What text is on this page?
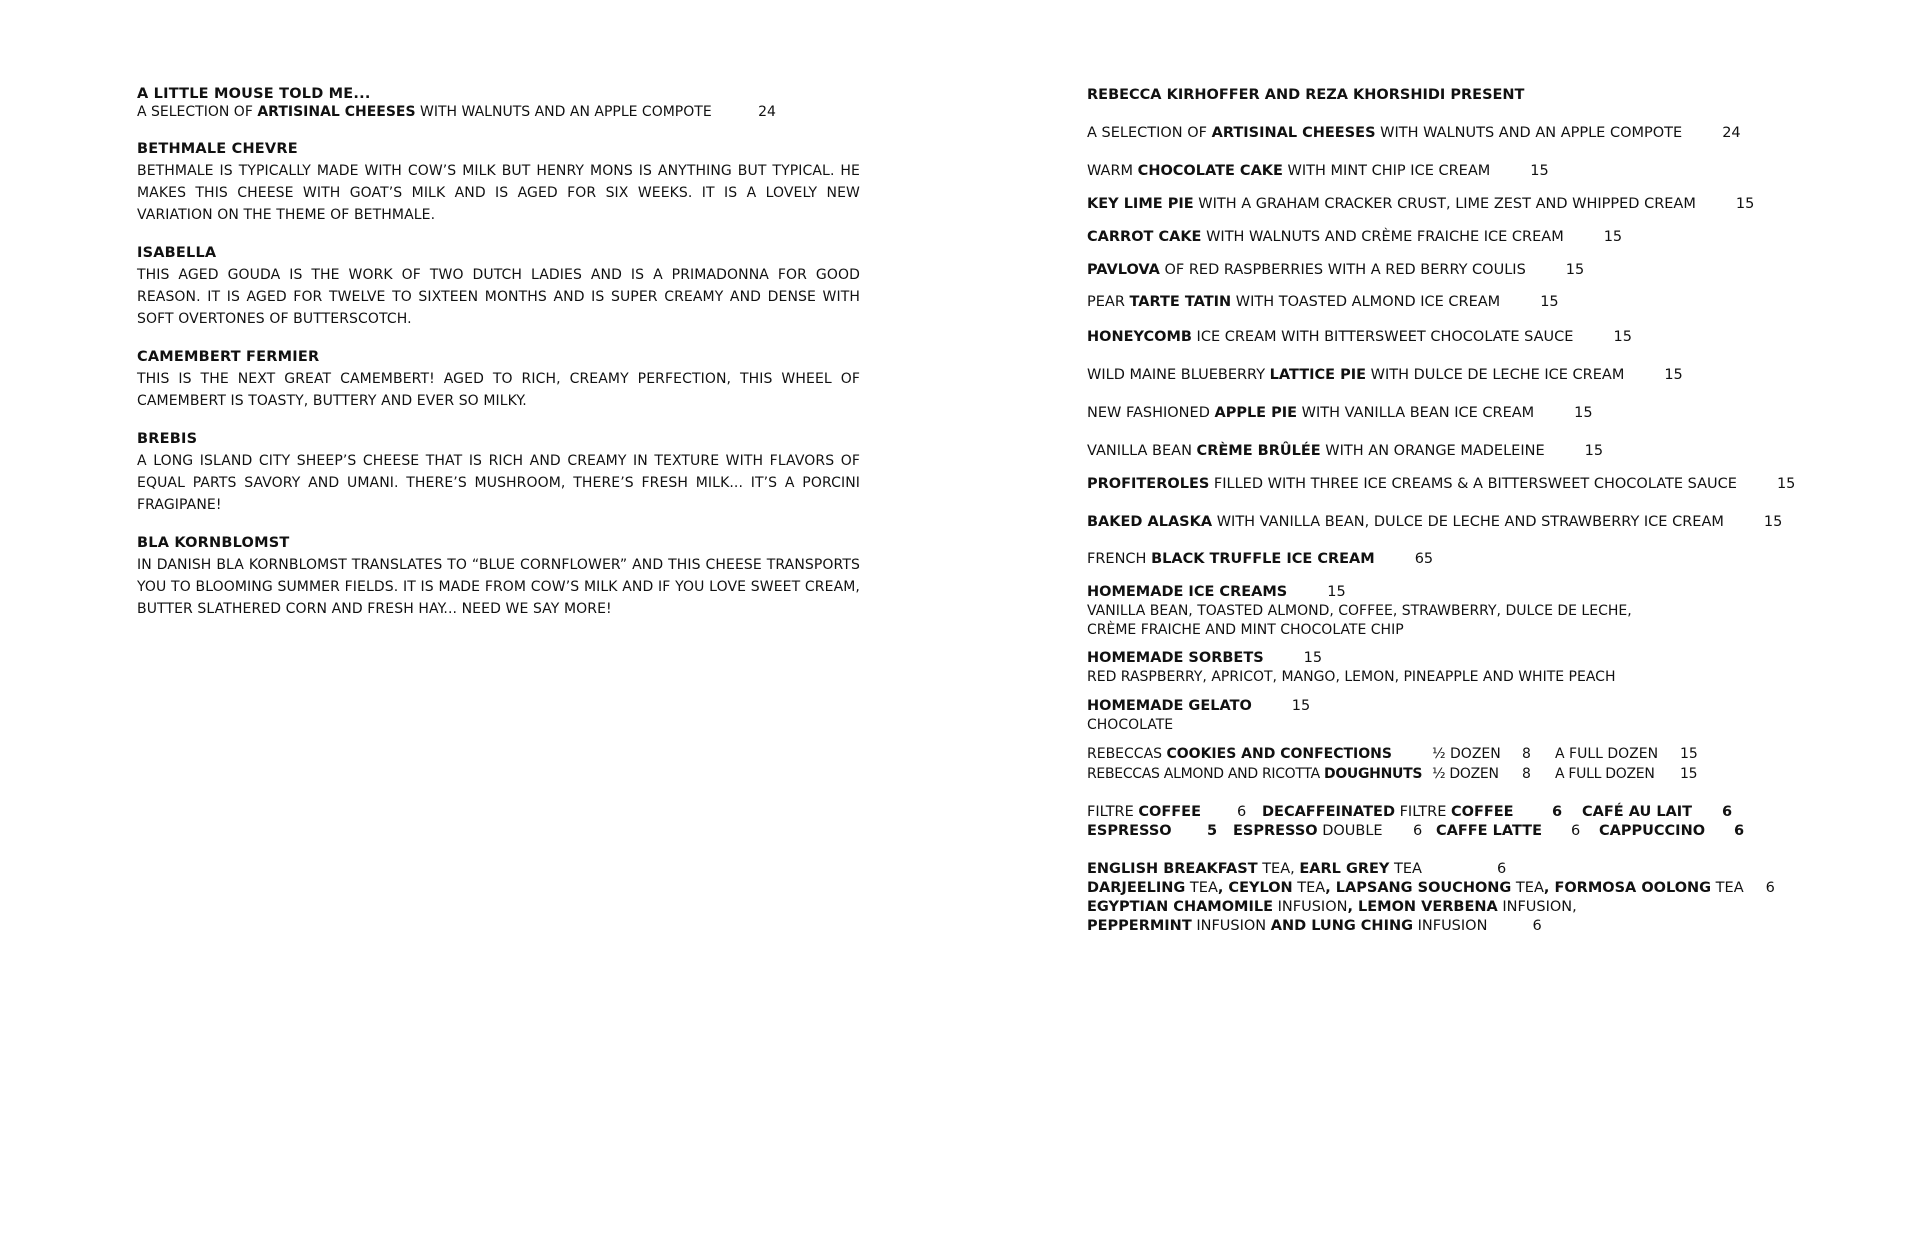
A LITTLE MOUSE TOLD ME...
A SELECTION OF ARTISINAL CHEESES WITH WALNUTS AND AN APPLE COMPOTE	24
BETHMALE CHEVRE
BETHMALE IS TYPICALLY MADE WITH COW’S MILK BUT HENRY MONS IS ANYTHING BUT TYPICAL. HE MAKES THIS CHEESE WITH GOAT’S MILK AND IS AGED FOR SIX WEEKS. IT IS A LOVELY NEW VARIATION ON THE THEME OF BETHMALE.
ISABELLA
THIS AGED GOUDA IS THE WORK OF TWO DUTCH LADIES AND IS A PRIMADONNA FOR GOOD REASON. IT IS AGED FOR TWELVE TO SIXTEEN MONTHS AND IS SUPER CREAMY AND DENSE WITH SOFT OVERTONES OF BUTTERSCOTCH.
CAMEMBERT FERMIER
THIS IS THE NEXT GREAT CAMEMBERT! AGED TO RICH, CREAMY PERFECTION, THIS WHEEL OF CAMEMBERT IS TOASTY, BUTTERY AND EVER SO MILKY.
BREBIS
A LONG ISLAND CITY SHEEP’S CHEESE THAT IS RICH AND CREAMY IN TEXTURE WITH FLAVORS OF EQUAL PARTS SAVORY AND UMANI. THERE’S MUSHROOM, THERE’S FRESH MILK... IT’S A PORCINI FRAGIPANE!
BLA KORNBLOMST
IN DANISH BLA KORNBLOMST TRANSLATES TO “BLUE CORNFLOWER” AND THIS CHEESE TRANSPORTS YOU TO BLOOMING SUMMER FIELDS. IT IS MADE FROM COW’S MILK AND IF YOU LOVE SWEET CREAM, BUTTER SLATHERED CORN AND FRESH HAY... NEED WE SAY MORE!
REBECCA KIRHOFFER AND REZA KHORSHIDI PRESENT
A SELECTION OF ARTISINAL CHEESES WITH WALNUTS AND AN APPLE COMPOTE	24
WARM CHOCOLATE CAKE WITH MINT CHIP ICE CREAM	15
KEY LIME PIE WITH A GRAHAM CRACKER CRUST, LIME ZEST AND WHIPPED CREAM	15
CARROT CAKE WITH WALNUTS AND CRÈME FRAICHE ICE CREAM	15
PAVLOVA OF RED RASPBERRIES WITH A RED BERRY COULIS	15
PEAR TARTE TATIN WITH TOASTED ALMOND ICE CREAM	15
HONEYCOMB ICE CREAM WITH BITTERSWEET CHOCOLATE SAUCE	15
WILD MAINE BLUEBERRY LATTICE PIE WITH DULCE DE LECHE ICE CREAM	15
NEW FASHIONED APPLE PIE WITH VANILLA BEAN ICE CREAM	15
VANILLA BEAN CRÈME BRÛLÉE WITH AN ORANGE MADELEINE	15
PROFITEROLES FILLED WITH THREE ICE CREAMS & A BITTERSWEET CHOCOLATE SAUCE	15
BAKED ALASKA WITH VANILLA BEAN, DULCE DE LECHE AND STRAWBERRY ICE CREAM	15
FRENCH BLACK TRUFFLE ICE CREAM	65
HOMEMADE ICE CREAMS	15
VANILLA BEAN, TOASTED ALMOND, COFFEE, STRAWBERRY, DULCE DE LECHE,
CRÈME FRAICHE AND MINT CHOCOLATE CHIP
HOMEMADE SORBETS	15
RED RASPBERRY, APRICOT, MANGO, LEMON, PINEAPPLE AND WHITE PEACH
HOMEMADE GELATO	15
CHOCOLATE
REBECCAS COOKIES AND CONFECTIONS	½ DOZEN 8 A FULL DOZEN 15
REBECCAS ALMOND AND RICOTTA DOUGHNUTS ½ DOZEN 8 A FULL DOZEN 15
FILTRE COFFEE 6 DECAFFEINATED FILTRE COFFEE	6 CAFÉ AU LAIT 6
ESPRESSO 5 ESPRESSO DOUBLE 6 CAFFE LATTE 6 CAPPUCCINO 6
ENGLISH BREAKFAST TEA, EARL GREY TEA	6
DARJEELING TEA, CEYLON TEA, LAPSANG SOUCHONG TEA, FORMOSA OOLONG TEA 6
EGYPTIAN CHAMOMILE INFUSION, LEMON VERBENA INFUSION,
PEPPERMINT INFUSION AND LUNG CHING INFUSION	6
